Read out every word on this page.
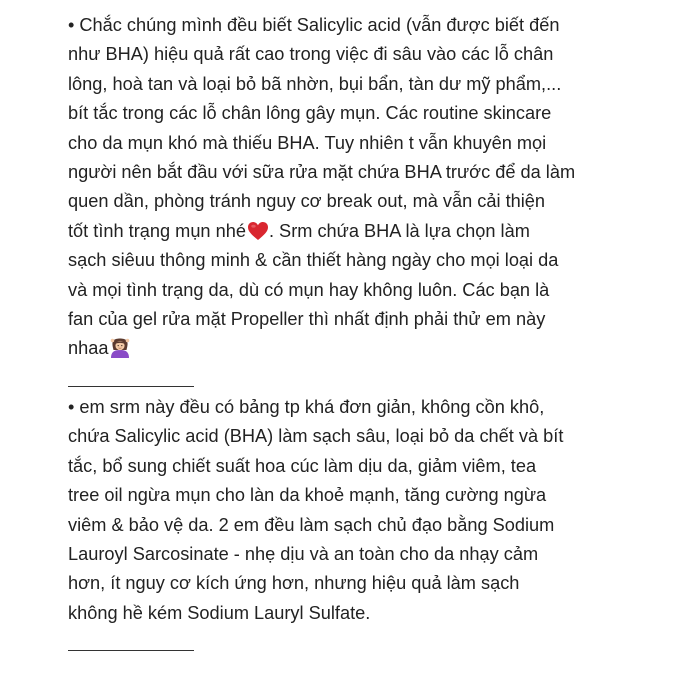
• Chắc chúng mình đều biết Salicylic acid (vẫn được biết đến
như BHA) hiệu quả rất cao trong việc đi sâu vào các lỗ chân
lông, hoà tan và loại bỏ bã nhờn, bụi bẩn, tàn dư mỹ phẩm,...
bít tắc trong các lỗ chân lông gây mụn. Các routine skincare
cho da mụn khó mà thiếu BHA. Tuy nhiên t vẫn khuyên mọi
người nên bắt đầu với sữa rửa mặt chứa BHA trước để da làm
quen dần, phòng tránh nguy cơ break out, mà vẫn cải thiện
tốt tình trạng mụn nhé . Srm chứa BHA là lựa chọn làm
sạch siêuu thông minh & cần thiết hàng ngày cho mọi loại da
và mọi tình trạng da, dù có mụn hay không luôn. Các bạn là
fan của gel rửa mặt Propeller thì nhất định phải thử em này
nhaa
• em srm này đều có bảng tp khá đơn giản, không cồn khô,
chứa Salicylic acid (BHA) làm sạch sâu, loại bỏ da chết và bít
tắc, bổ sung chiết suất hoa cúc làm dịu da, giảm viêm, tea
tree oil ngừa mụn cho làn da khoẻ mạnh, tăng cường ngừa
viêm & bảo vệ da. 2 em đều làm sạch chủ đạo bằng Sodium
Lauroyl Sarcosinate - nhẹ dịu và an toàn cho da nhạy cảm
hơn, ít nguy cơ kích ứng hơn, nhưng hiệu quả làm sạch
không hề kém Sodium Lauryl Sulfate.
